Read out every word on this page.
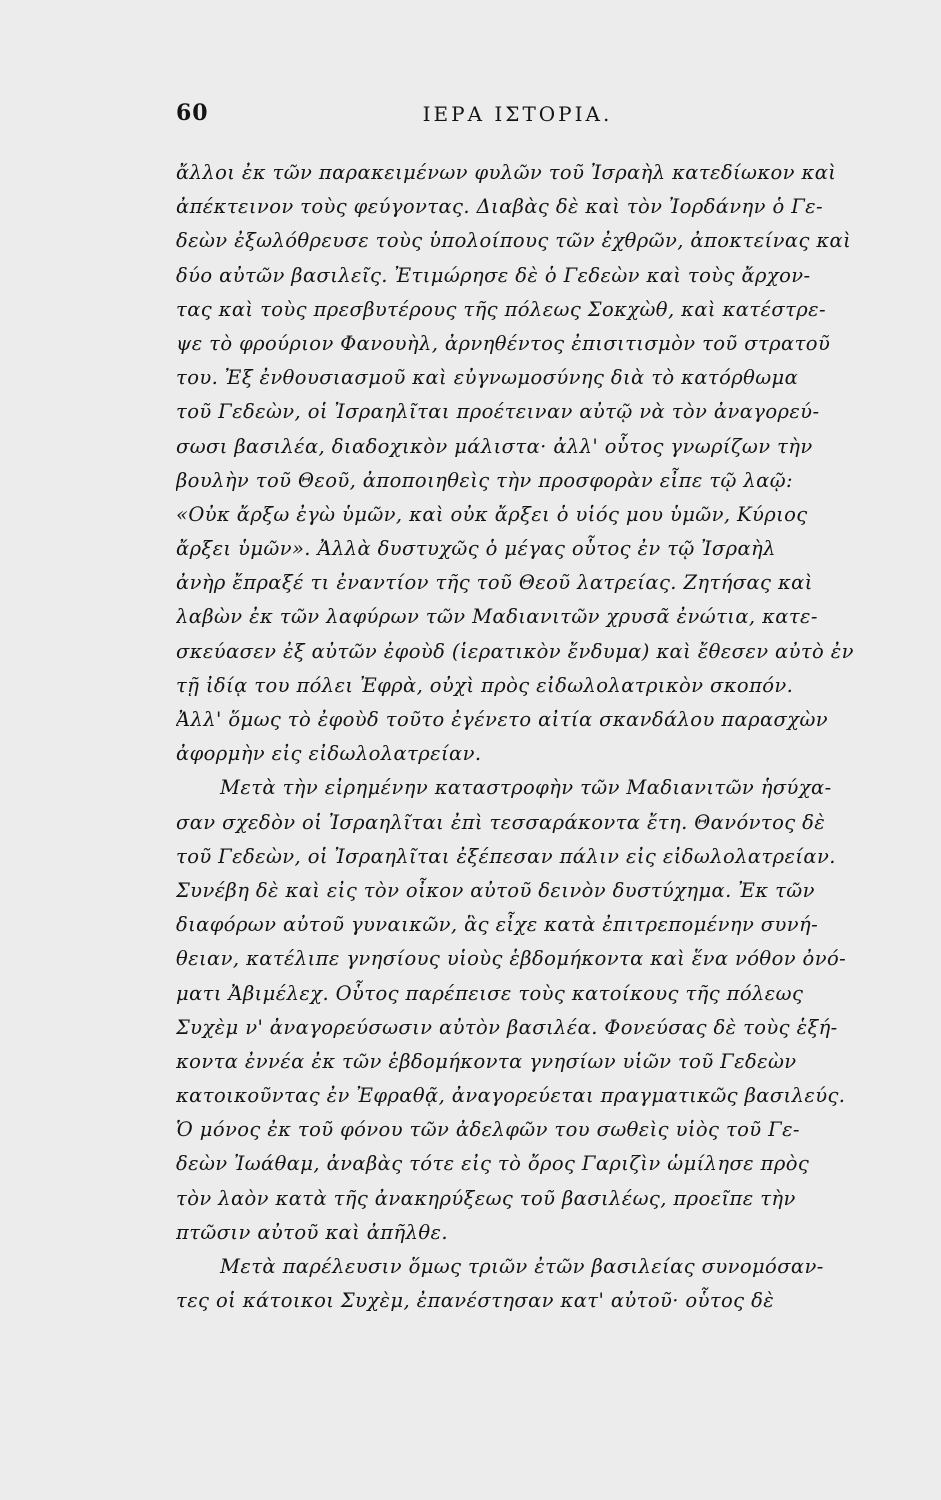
60	ΙΕΡΑ ΙΣΤΟΡΙΑ.
ἄλλοι ἐκ τῶν παρακειμένων φυλῶν τοῦ Ἰσραὴλ κατεδίωκον καὶ
ἀπέκτεινον τοὺς φεύγοντας. Διαβὰς δὲ καὶ τὸν Ἰορδάνην ὁ Γε-
δεὼν ἐξωλόθρευσε τοὺς ὑπολοίπους τῶν ἐχθρῶν, ἀποκτείνας καὶ
δύο αὐτῶν βασιλεῖς. Ἐτιμώρησε δὲ ὁ Γεδεὼν καὶ τοὺς ἄρχον-
τας καὶ τοὺς πρεσβυτέρους τῆς πόλεως Σοκχὼθ, καὶ κατέστρε-
ψε τὸ φρούριον Φανουὴλ, ἀρνηθέντος ἐπισιτισμὸν τοῦ στρατοῦ
του. Ἐξ ἐνθουσιασμοῦ καὶ εὐγνωμοσύνης διὰ τὸ κατόρθωμα
τοῦ Γεδεὼν, οἱ Ἰσραηλῖται προέτειναν αὐτῷ νὰ τὸν ἀναγορεύ-
σωσι βασιλέα, διαδοχικὸν μάλιστα· ἀλλ' οὗτος γνωρίζων τὴν
βουλὴν τοῦ Θεοῦ, ἀποποιηθεὶς τὴν προσφορὰν εἶπε τῷ λαῷ:
«Οὐκ ἄρξω ἐγὼ ὑμῶν, καὶ οὐκ ἄρξει ὁ υἱός μου ὑμῶν, Κύριος
ἄρξει ὑμῶν». Ἀλλὰ δυστυχῶς ὁ μέγας οὗτος ἐν τῷ Ἰσραὴλ
ἀνὴρ ἔπραξέ τι ἐναντίον τῆς τοῦ Θεοῦ λατρείας. Ζητήσας καὶ
λαβὼν ἐκ τῶν λαφύρων τῶν Μαδιανιτῶν χρυσᾶ ἐνώτια, κατε-
σκεύασεν ἐξ αὐτῶν ἐφοὺδ (ἱερατικὸν ἔνδυμα) καὶ ἔθεσεν αὐτὸ ἐν
τῇ ἰδίᾳ του πόλει Ἐφρὰ, οὐχὶ πρὸς εἰδωλολατρικὸν σκοπόν.
Ἀλλ' ὅμως τὸ ἐφοὺδ τοῦτο ἐγένετο αἰτία σκανδάλου παρασχὼν
ἀφορμὴν εἰς εἰδωλολατρείαν.
Μετὰ τὴν εἰρημένην καταστροφὴν τῶν Μαδιανιτῶν ἡσύχα-
σαν σχεδὸν οἱ Ἰσραηλῖται ἐπὶ τεσσαράκοντα ἔτη. Θανόντος δὲ
τοῦ Γεδεὼν, οἱ Ἰσραηλῖται ἐξέπεσαν πάλιν εἰς εἰδωλολατρείαν.
Συνέβη δὲ καὶ εἰς τὸν οἶκον αὐτοῦ δεινὸν δυστύχημα. Ἐκ τῶν
διαφόρων αὐτοῦ γυναικῶν, ἃς εἶχε κατὰ ἐπιτρεπομένην συνή-
θειαν, κατέλιπε γνησίους υἱοὺς ἑβδομήκοντα καὶ ἕνα νόθον ὀνό-
ματι Ἀβιμέλεχ. Οὗτος παρέπεισε τοὺς κατοίκους τῆς πόλεως
Συχὲμ ν' ἀναγορεύσωσιν αὐτὸν βασιλέα. Φονεύσας δὲ τοὺς ἑξή-
κοντα ἐννέα ἐκ τῶν ἑβδομήκοντα γνησίων υἱῶν τοῦ Γεδεὼν
κατοικοῦντας ἐν Ἐφραθᾷ, ἀναγορεύεται πραγματικῶς βασιλεύς.
Ὁ μόνος ἐκ τοῦ φόνου τῶν ἀδελφῶν του σωθεὶς υἱὸς τοῦ Γε-
δεὼν Ἰωάθαμ, ἀναβὰς τότε εἰς τὸ ὄρος Γαριζὶν ὡμίλησε πρὸς
τὸν λαὸν κατὰ τῆς ἀνακηρύξεως τοῦ βασιλέως, προεῖπε τὴν
πτῶσιν αὐτοῦ καὶ ἀπῆλθε.
Μετὰ παρέλευσιν ὅμως τριῶν ἐτῶν βασιλείας συνομόσαν-
τες οἱ κάτοικοι Συχὲμ, ἐπανέστησαν κατ' αὐτοῦ· οὗτος δὲ
